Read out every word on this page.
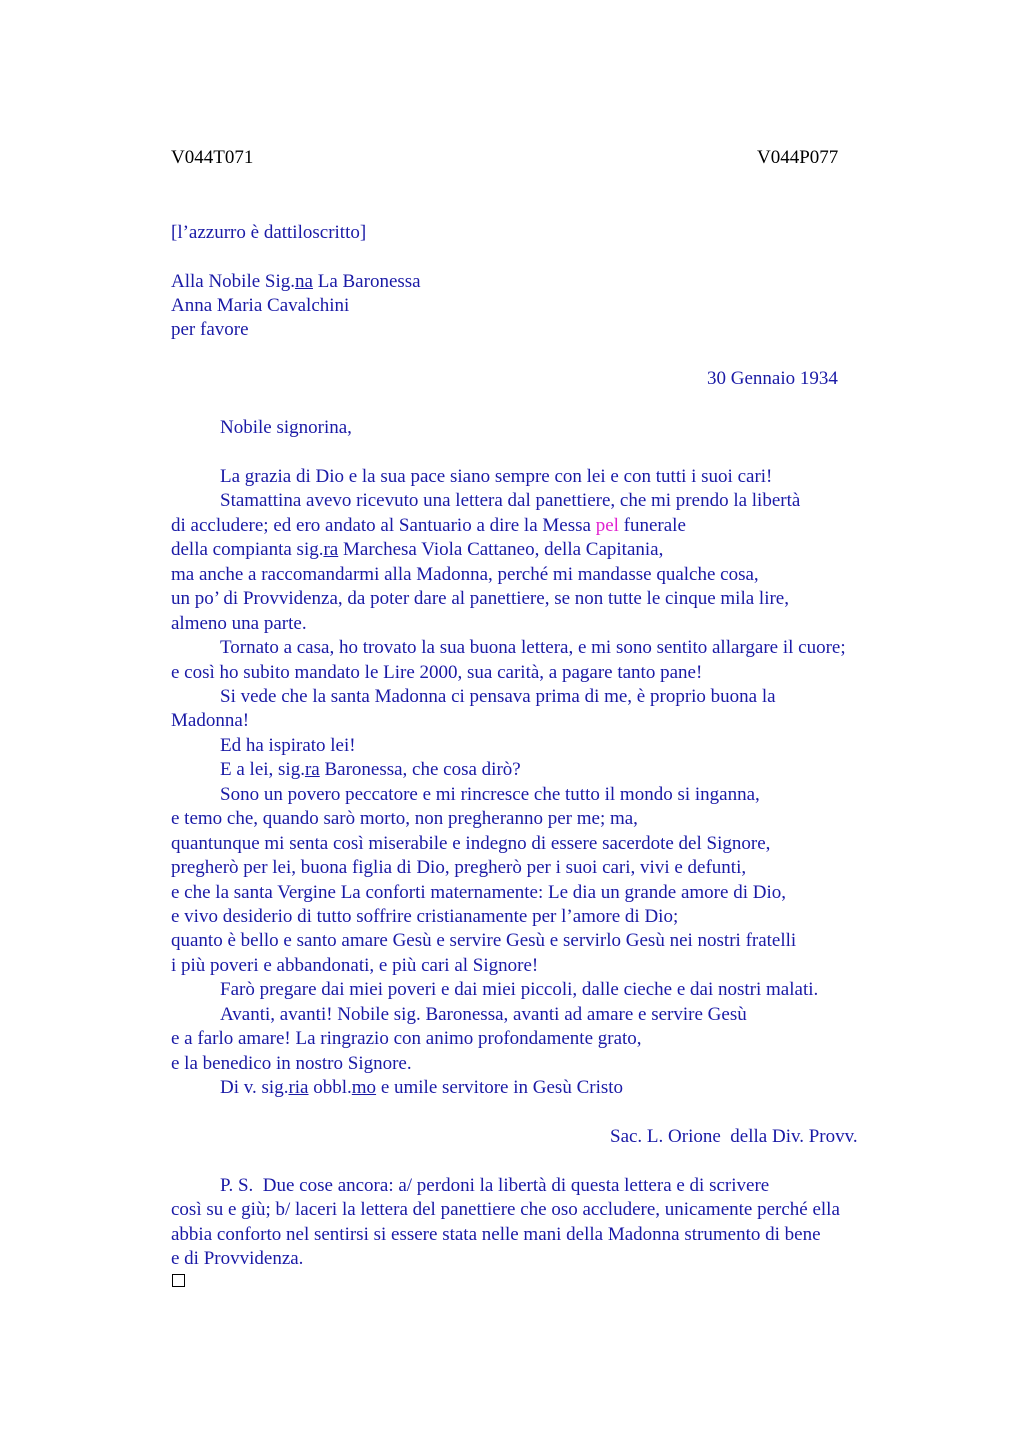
V044T071	V044P077
[l’azzurro è dattiloscritto]
Alla Nobile Sig.na La Baronessa
Anna Maria Cavalchini
per favore
30 Gennaio 1934
Nobile signorina,
La grazia di Dio e la sua pace siano sempre con lei e con tutti i suoi cari!
Stamattina avevo ricevuto una lettera dal panettiere, che mi prendo la libertà
di accludere; ed ero andato al Santuario a dire la Messa pel funerale
della compianta sig.ra Marchesa Viola Cattaneo, della Capitania,
ma anche a raccomandarmi alla Madonna, perché mi mandasse qualche cosa,
un po’ di Provvidenza, da poter dare al panettiere, se non tutte le cinque mila lire,
almeno una parte.
Tornato a casa, ho trovato la sua buona lettera, e mi sono sentito allargare il cuore;
e così ho subito mandato le Lire 2000, sua carità, a pagare tanto pane!
Si vede che la santa Madonna ci pensava prima di me, è proprio buona la
Madonna!
Ed ha ispirato lei!
E a lei, sig.ra Baronessa, che cosa dirò?
Sono un povero peccatore e mi rincresce che tutto il mondo si inganna,
e temo che, quando sarò morto, non pregheranno per me; ma,
quantunque mi senta così miserabile e indegno di essere sacerdote del Signore,
pregherò per lei, buona figlia di Dio, pregherò per i suoi cari, vivi e defunti,
e che la santa Vergine La conforti maternamente: Le dia un grande amore di Dio,
e vivo desiderio di tutto soffrire cristianamente per l’amore di Dio;
quanto è bello e santo amare Gesù e servire Gesù e servirlo Gesù nei nostri fratelli
i più poveri e abbandonati, e più cari al Signore!
Farò pregare dai miei poveri e dai miei piccoli, dalle cieche e dai nostri malati.
Avanti, avanti! Nobile sig. Baronessa, avanti ad amare e servire Gesù
e a farlo amare! La ringrazio con animo profondamente grato,
e la benedico in nostro Signore.
Di v. sig.ria obbl.mo e umile servitore in Gesù Cristo
Sac. L. Orione  della Div. Provv.
P. S.  Due cose ancora: a/ perdoni la libertà di questa lettera e di scrivere
così su e giù; b/ laceri la lettera del panettiere che oso accludere, unicamente perché ella
abbia conforto nel sentirsi si essere stata nelle mani della Madonna strumento di bene
e di Provvidenza.
